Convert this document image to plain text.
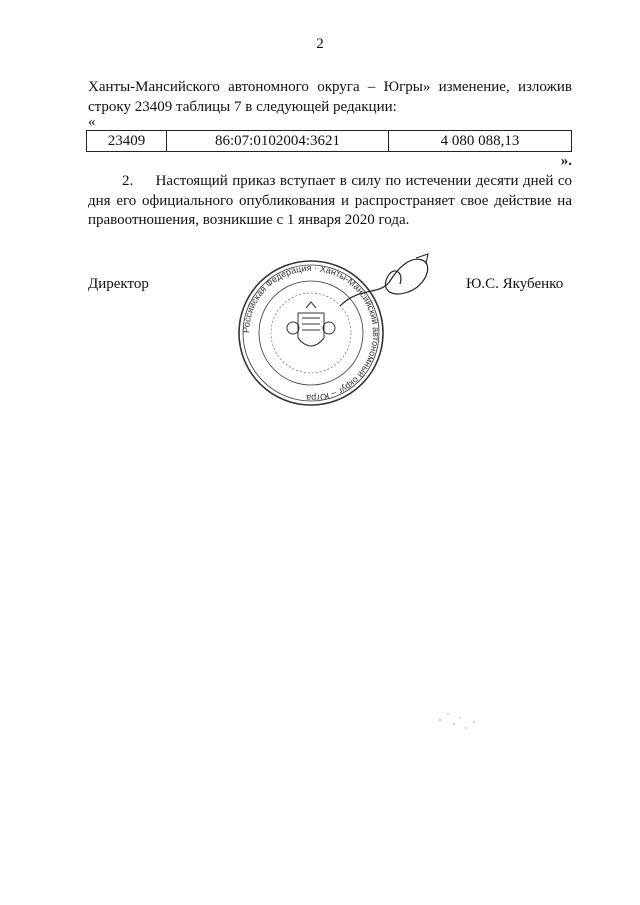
2
Ханты-Мансийского автономного округа – Югры» изменение, изложив строку 23409 таблицы 7 в следующей редакции:
«
23409	86:07:0102004:3621	4 080 088,13
».
2.     Настоящий приказ вступает в силу по истечении десяти дней со дня его официального опубликования и распространяет свое действие на правоотношения, возникшие с 1 января 2020 года.
Директор	Ю.С. Якубенко
Российская Федерация · Ханты-Мансийский автономный округ – Югра
